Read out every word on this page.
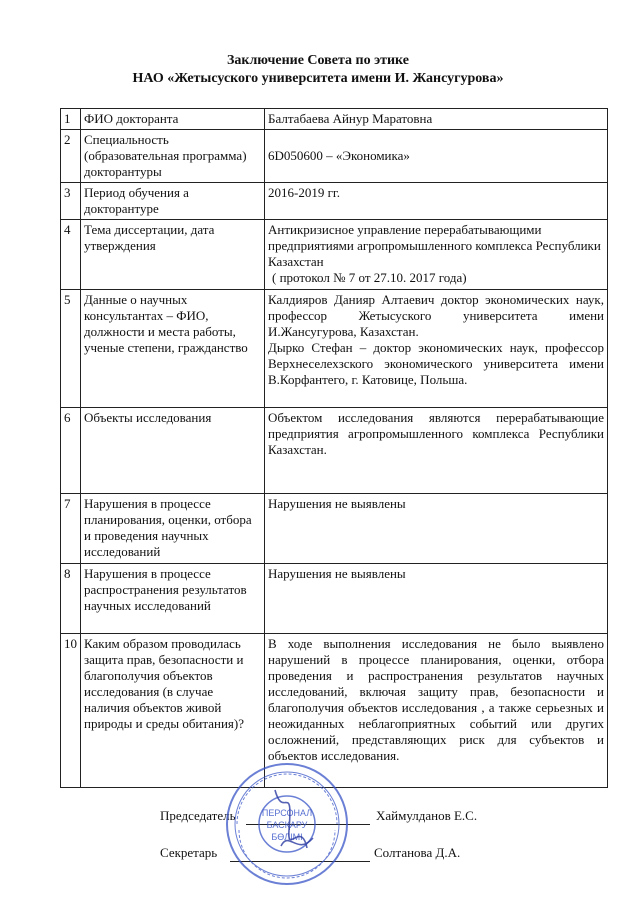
Заключение Совета по этике
НАО «Жетысуского университета имени И. Жансугурова»
1	ФИО докторанта	Балтабаева Айнур Маратовна

2	Специальность (образовательная программа) докторантуры	6D050600 – «Экономика»

3	Период обучения а докторантуре	2016-2019 гг.

4	Тема диссертации, дата утверждения	Антикризисное управление перерабатывающими предприятиями агропромышленного комплекса Республики Казахстан
( протокол № 7 от 27.10. 2017 года)

5	Данные о научных консультантах – ФИО, должности и места работы, ученые степени, гражданство	Калдияров Данияр Алтаевич доктор экономических наук, профессор Жетысуского университета имени И.Жансугурова, Казахстан.
Дырко Стефан – доктор экономических наук, профессор Верхнеселехзского экономического университета имени В.Корфантего, г. Катовице, Польша.

6	Объекты исследования	Объектом исследования являются перерабатывающие предприятия агропромышленного комплекса Республики Казахстан.

7	Нарушения в процессе планирования, оценки, отбора и проведения научных исследований	Нарушения не выявлены

8	Нарушения в процессе распространения результатов научных исследований	Нарушения не выявлены

10	Каким образом проводилась защита прав, безопасности и благополучия объектов исследования (в случае наличия объектов живой природы и среды обитания)?	В ходе выполнения исследования не было выявлено нарушений в процессе планирования, оценки, отбора проведения и распространения результатов научных исследований, включая защиту прав, безопасности и благополучия объектов исследования , а также серьезных и неожиданных неблагоприятных событий или других осложнений, представляющих риск для субъектов и объектов исследования.
Председатель	Хаймулданов Е.С.
Секретарь	Солтанова Д.А.
ПЕРСОНАЛ
БАСҚАРУ
БӨЛІМІ
